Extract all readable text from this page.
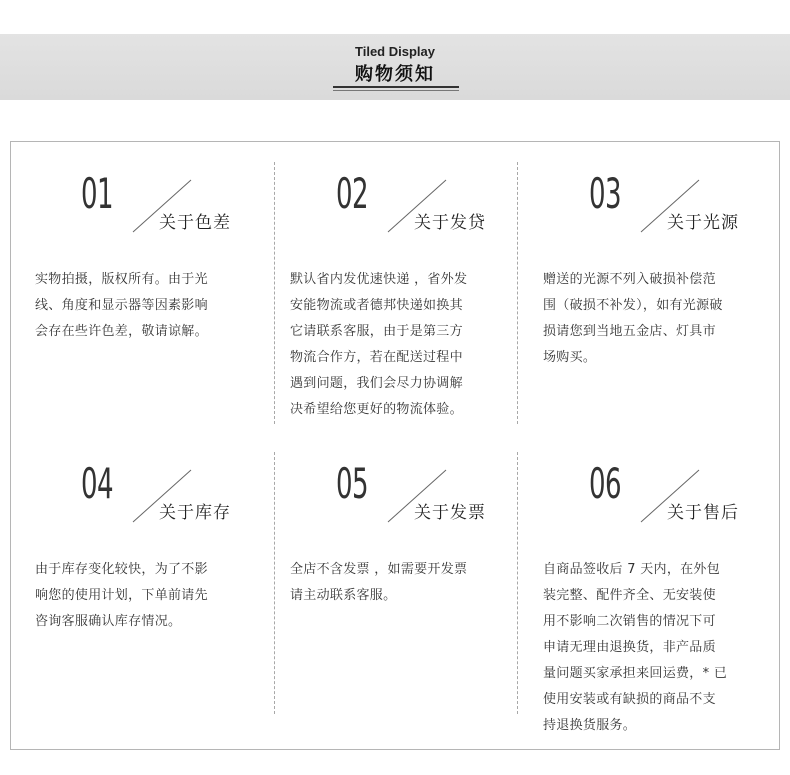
Tiled Display
购物须知
01
关于色差
实物拍摄，版权所有。由于光
线、角度和显示器等因素影响
会存在些许色差，敬请谅解。
02
关于发贷
默认省内发优速快递 ，省外发
安能物流或者德邦快递如换其
它请联系客服，由于是第三方
物流合作方，若在配送过程中
遇到问题，我们会尽力协调解
决希望给您更好的物流体验。
03
关于光源
赠送的光源不列入破损补偿范
围（破损不补发），如有光源破
损请您到当地五金店、灯具市
场购买。
04
关于库存
由于库存变化较快，为了不影
响您的使用计划，下单前请先
咨询客服确认库存情况。
05
关于发票
全店不含发票 ，如需要开发票
请主动联系客服。
06
关于售后
自商品签收后 7 天内，在外包
装完整、配件齐全、无安装使
用不影响二次销售的情况下可
申请无理由退换货，非产品质
量问题买家承担来回运费，* 已
使用安装或有缺损的商品不支
持退换货服务。
